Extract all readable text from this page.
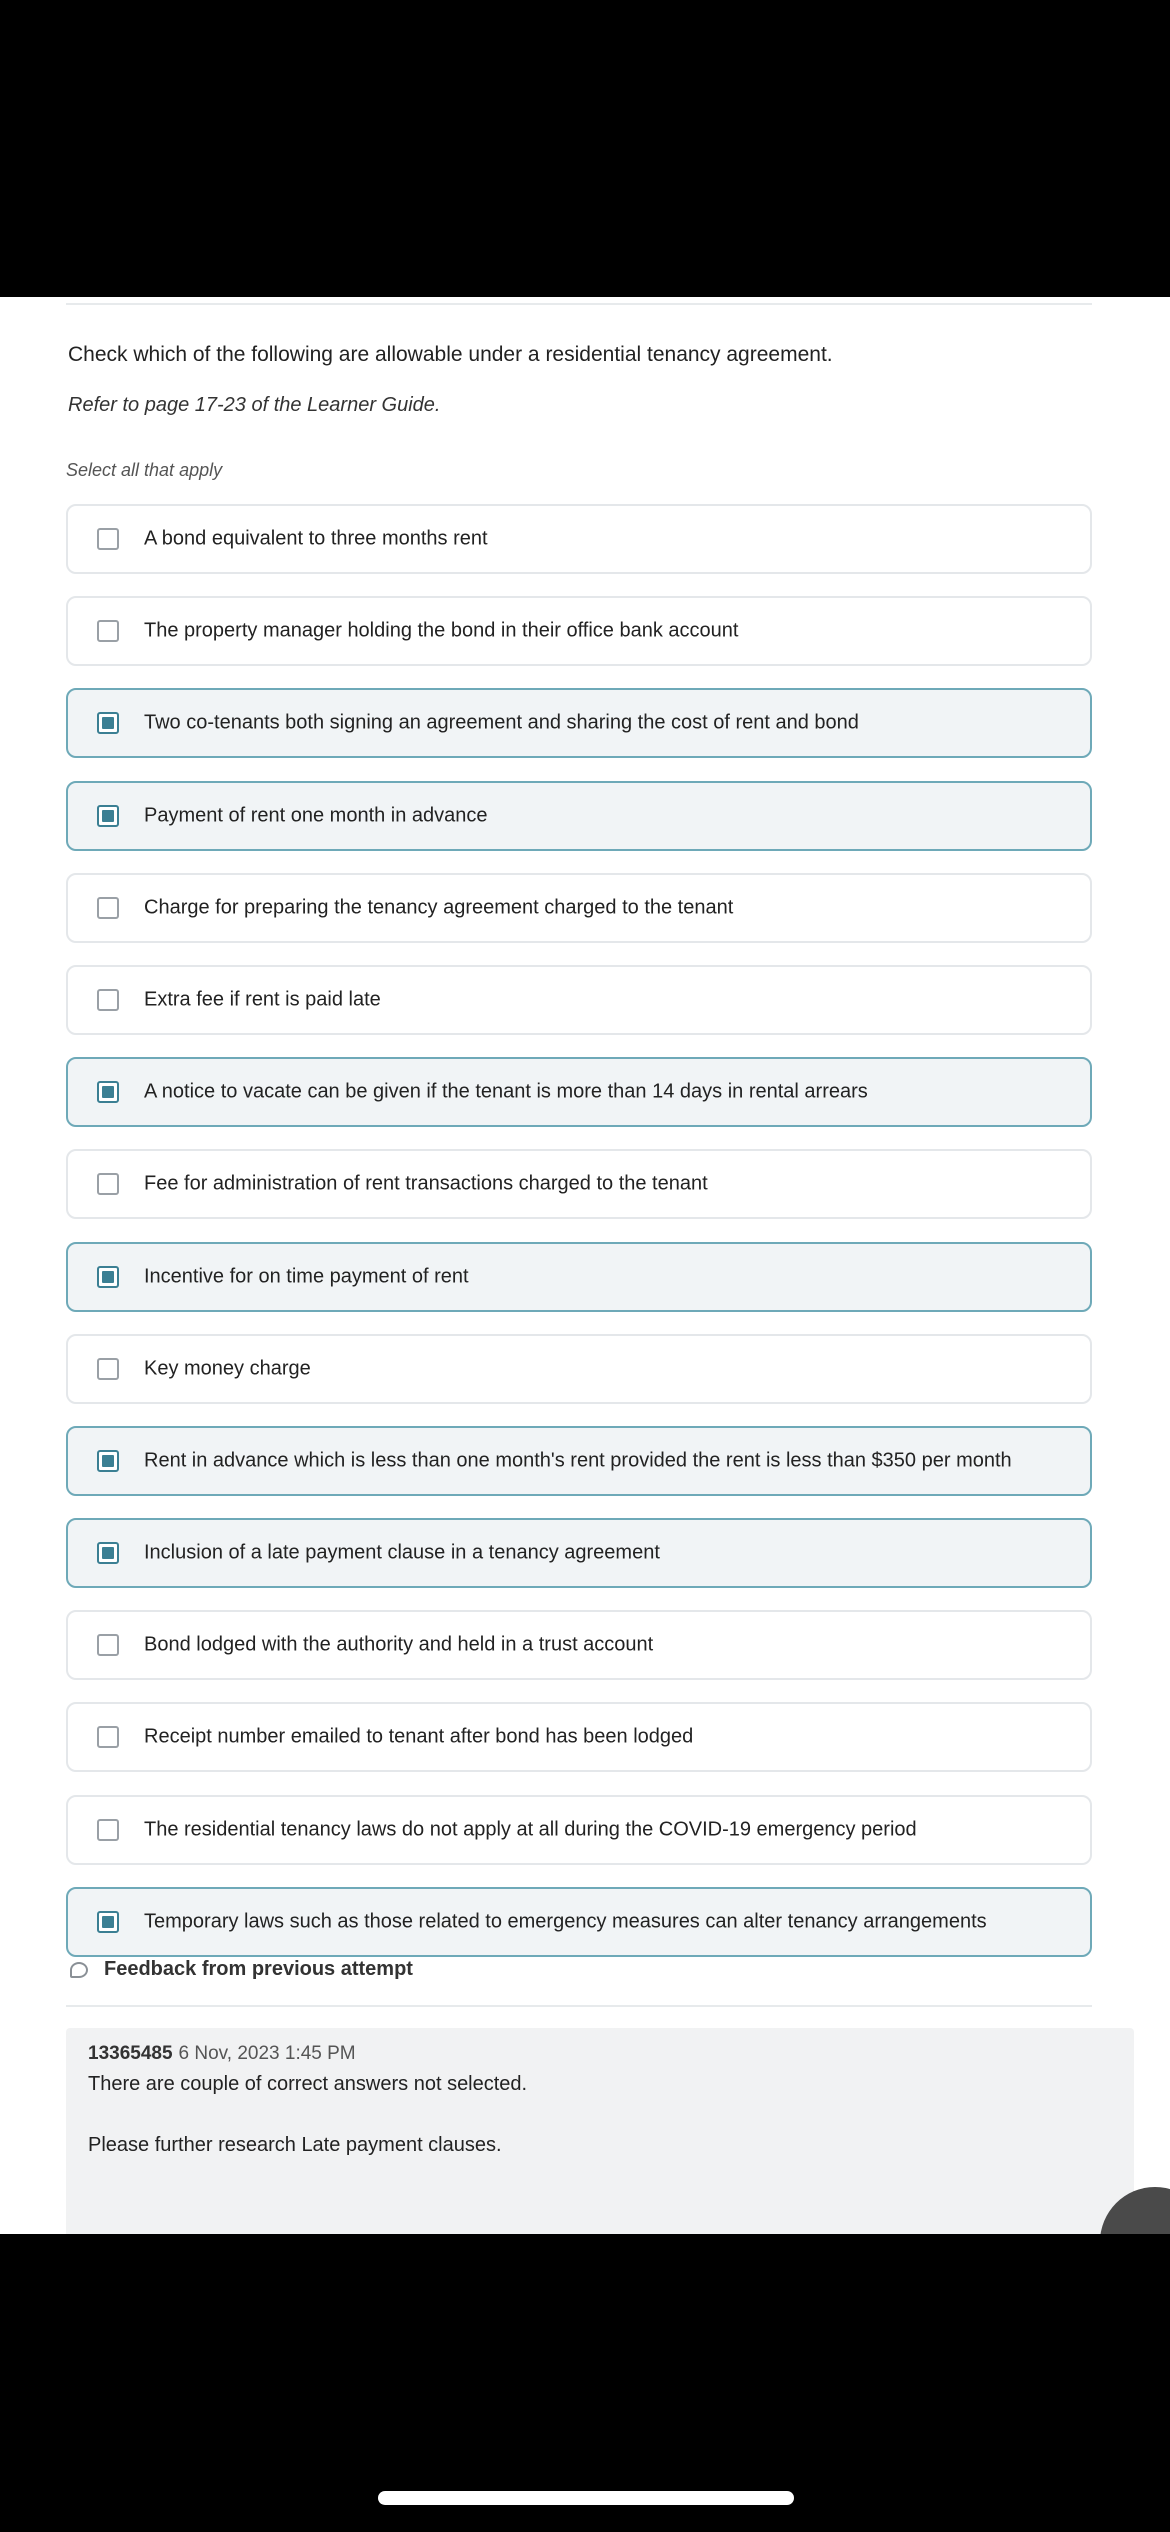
Check which of the following are allowable under a residential tenancy agreement.
Refer to page 17-23 of the Learner Guide.
Select all that apply
A bond equivalent to three months rent
The property manager holding the bond in their office bank account
Two co-tenants both signing an agreement and sharing the cost of rent and bond
Payment of rent one month in advance
Charge for preparing the tenancy agreement charged to the tenant
Extra fee if rent is paid late
A notice to vacate can be given if the tenant is more than 14 days in rental arrears
Fee for administration of rent transactions charged to the tenant
Incentive for on time payment of rent
Key money charge
Rent in advance which is less than one month's rent provided the rent is less than $350 per month
Inclusion of a late payment clause in a tenancy agreement
Bond lodged with the authority and held in a trust account
Receipt number emailed to tenant after bond has been lodged
The residential tenancy laws do not apply at all during the COVID-19 emergency period
Temporary laws such as those related to emergency measures can alter tenancy arrangements
Feedback from previous attempt
13365485 6 Nov, 2023 1:45 PM
There are couple of correct answers not selected.
Please further research Late payment clauses.
